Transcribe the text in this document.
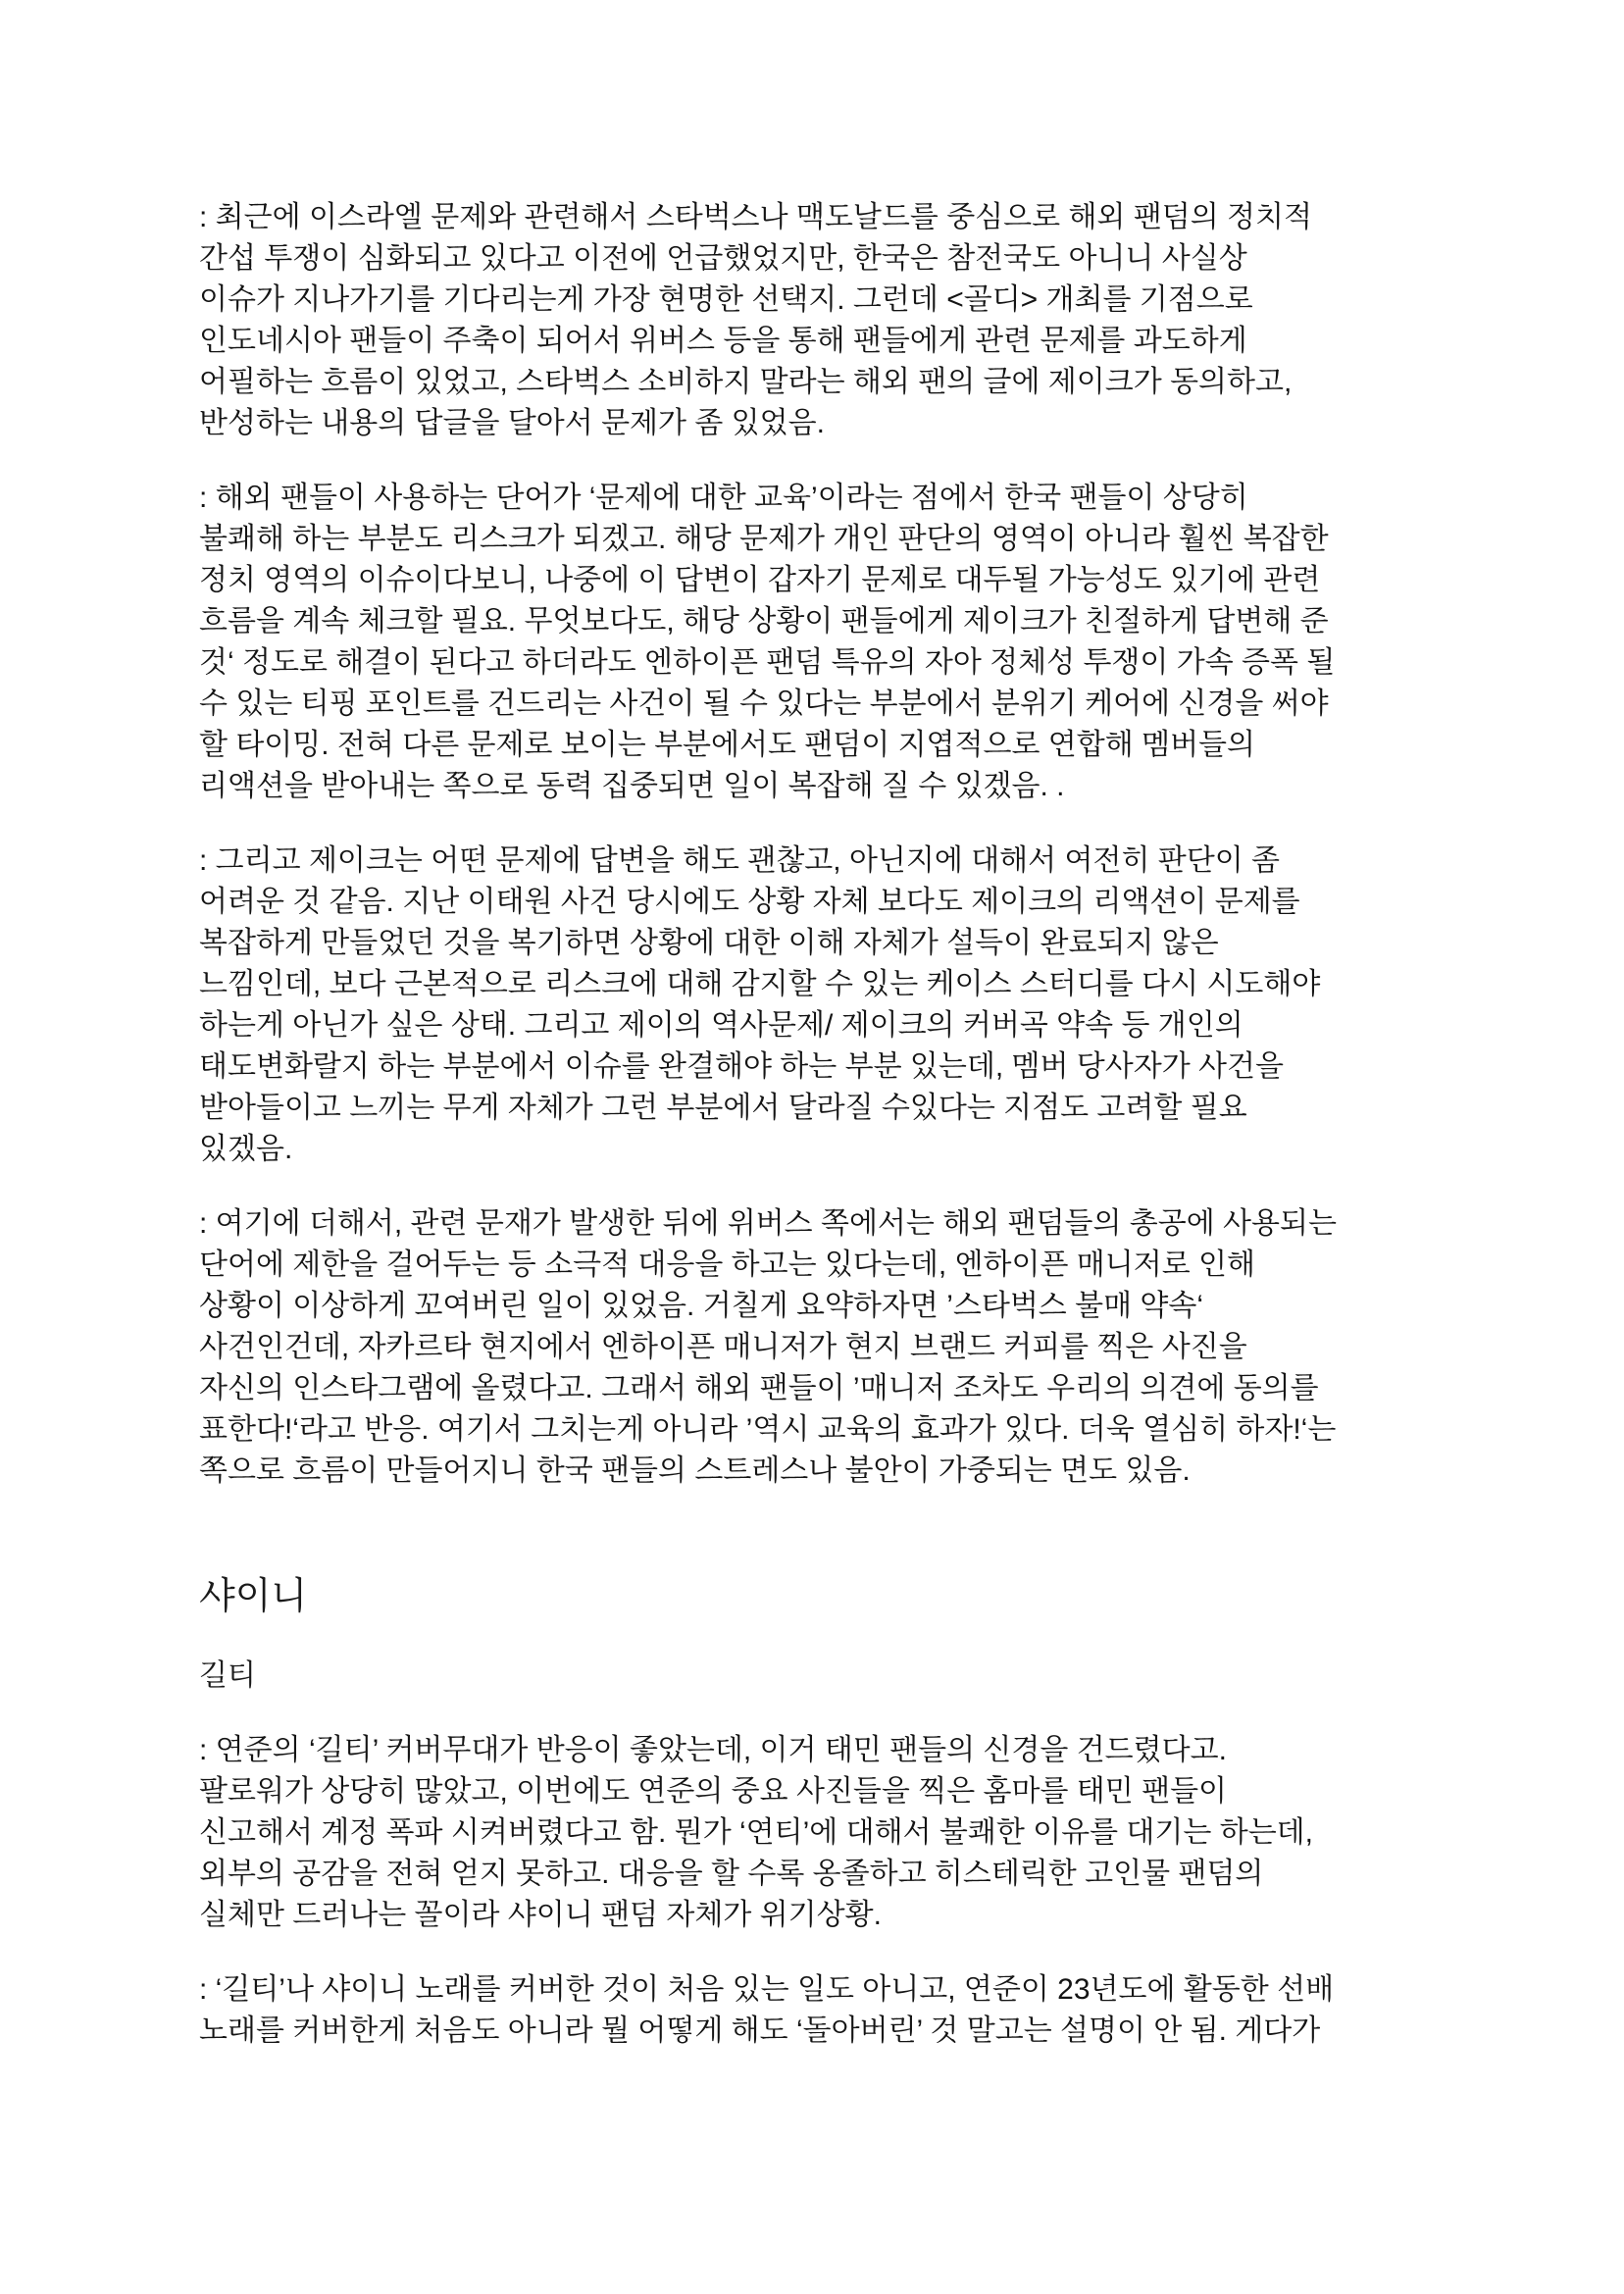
: 최근에 이스라엘 문제와 관련해서 스타벅스나 맥도날드를 중심으로 해외 팬덤의 정치적
간섭 투쟁이 심화되고 있다고 이전에 언급했었지만, 한국은 참전국도 아니니 사실상
이슈가 지나가기를 기다리는게 가장 현명한 선택지. 그런데 <골디> 개최를 기점으로
인도네시아 팬들이 주축이 되어서 위버스 등을 통해 팬들에게 관련 문제를 과도하게
어필하는 흐름이 있었고, 스타벅스 소비하지 말라는 해외 팬의 글에 제이크가 동의하고,
반성하는 내용의 답글을 달아서 문제가 좀 있었음.
: 해외 팬들이 사용하는 단어가 ‘문제에 대한 교육’이라는 점에서 한국 팬들이 상당히
불쾌해 하는 부분도 리스크가 되겠고. 해당 문제가 개인 판단의 영역이 아니라 훨씬 복잡한
정치 영역의 이슈이다보니, 나중에 이 답변이 갑자기 문제로 대두될 가능성도 있기에 관련
흐름을 계속 체크할 필요. 무엇보다도, 해당 상황이 팬들에게 제이크가 친절하게 답변해 준
것‘ 정도로 해결이 된다고 하더라도 엔하이픈 팬덤 특유의 자아 정체성 투쟁이 가속 증폭 될
수 있는 티핑 포인트를 건드리는 사건이 될 수 있다는 부분에서 분위기 케어에 신경을 써야
할 타이밍. 전혀 다른 문제로 보이는 부분에서도 팬덤이 지엽적으로 연합해 멤버들의
리액션을 받아내는 쪽으로 동력 집중되면 일이 복잡해 질 수 있겠음. .
: 그리고 제이크는 어떤 문제에 답변을 해도 괜찮고, 아닌지에 대해서 여전히 판단이 좀
어려운 것 같음. 지난 이태원 사건 당시에도 상황 자체 보다도 제이크의 리액션이 문제를
복잡하게 만들었던 것을 복기하면 상황에 대한 이해 자체가 설득이 완료되지 않은
느낌인데, 보다 근본적으로 리스크에 대해 감지할 수 있는 케이스 스터디를 다시 시도해야
하는게 아닌가 싶은 상태. 그리고 제이의 역사문제/ 제이크의 커버곡 약속 등 개인의
태도변화랄지 하는 부분에서 이슈를 완결해야 하는 부분 있는데, 멤버 당사자가 사건을
받아들이고 느끼는 무게 자체가 그런 부분에서 달라질 수있다는 지점도 고려할 필요
있겠음.
: 여기에 더해서, 관련 문재가 발생한 뒤에 위버스 쪽에서는 해외 팬덤들의 총공에 사용되는
단어에 제한을 걸어두는 등 소극적 대응을 하고는 있다는데, 엔하이픈 매니저로 인해
상황이 이상하게 꼬여버린 일이 있었음. 거칠게 요약하자면 ’스타벅스 불매 약속‘
사건인건데, 자카르타 현지에서 엔하이픈 매니저가 현지 브랜드 커피를 찍은 사진을
자신의 인스타그램에 올렸다고. 그래서 해외 팬들이 ’매니저 조차도 우리의 의견에 동의를
표한다!‘라고 반응. 여기서 그치는게 아니라 ’역시 교육의 효과가 있다. 더욱 열심히 하자!‘는
쪽으로 흐름이 만들어지니 한국 팬들의 스트레스나 불안이 가중되는 면도 있음.
샤이니
길티
: 연준의 ‘길티’ 커버무대가 반응이 좋았는데, 이거 태민 팬들의 신경을 건드렸다고.
팔로워가 상당히 많았고, 이번에도 연준의 중요 사진들을 찍은 홈마를 태민 팬들이
신고해서 계정 폭파 시켜버렸다고 함. 뭔가 ‘연티’에 대해서 불쾌한 이유를 대기는 하는데,
외부의 공감을 전혀 얻지 못하고. 대응을 할 수록 옹졸하고 히스테릭한 고인물 팬덤의
실체만 드러나는 꼴이라 샤이니 팬덤 자체가 위기상황.
: ‘길티’나 샤이니 노래를 커버한 것이 처음 있는 일도 아니고, 연준이 23년도에 활동한 선배
노래를 커버한게 처음도 아니라 뭘 어떻게 해도 ‘돌아버린’ 것 말고는 설명이 안 됨. 게다가
